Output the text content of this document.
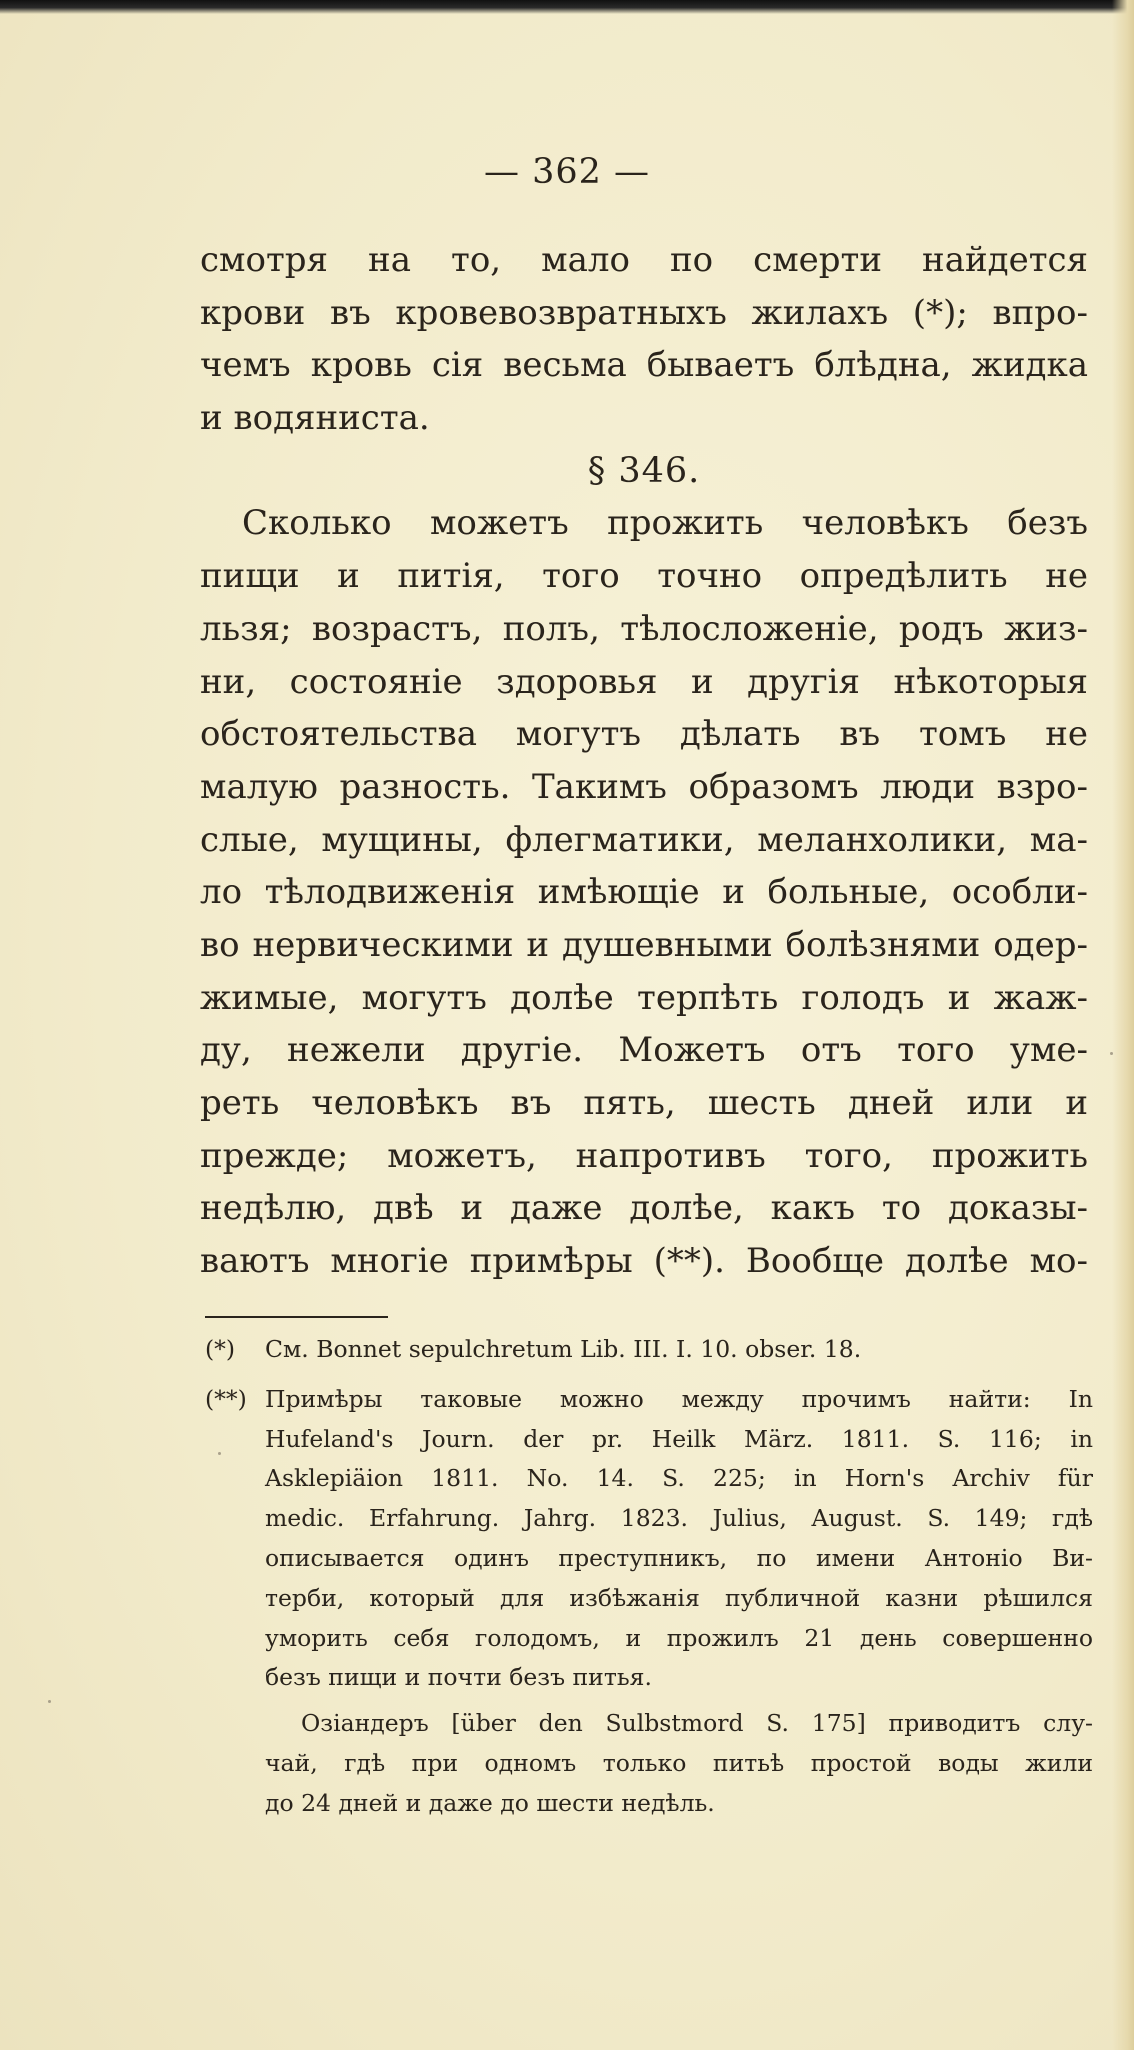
— 362 —
смотря на то, мало по смерти найдется
крови въ кровевозвратныхъ жилахъ (*); впро-
чемъ кровь сія весьма бываетъ блѣдна, жидка
и водянистa.
§ 346.
Сколько можетъ прожить человѣкъ безъ
пищи и питія, того точно опредѣлить не
льзя; возрастъ, полъ, тѣлосложеніе, родъ жиз-
ни, состояніе здоровья и другія нѣкоторыя
обстоятельства могутъ дѣлать въ томъ не
малую разность. Такимъ образомъ люди взро-
слые, мущины, флегматики, меланхолики, ма-
ло тѣлодвиженія имѣющіе и больные, особли-
во нервическими и душевными болѣзнями одер-
жимые, могутъ долѣе терпѣть голодъ и жаж-
ду, нежели другіе. Можетъ отъ того уме-
реть человѣкъ въ пять, шесть дней или и
прежде; можетъ, напротивъ того, прожить
недѣлю, двѣ и даже долѣе, какъ то доказы-
ваютъ многіе примѣры (**). Вообще долѣе мо-
(*)	См. Bonnet sepulchretum Lib. III. I. 10. obser. 18.
(**) Примѣры таковые можно между прочимъ найти: In
Hufeland's Journ. der pr. Heilk März. 1811. S. 116; in
Asklepiäion 1811. No. 14. S. 225; in Horn's Archiv für
medic. Erfahrung. Jahrg. 1823. Julius, August. S. 149; гдѣ
описывается одинъ преступникъ, по имени Антоніо Ви-
терби, который для избѣжанія публичной казни рѣшился
уморить себя голодомъ, и прожилъ 21 день совершенно
безъ пищи и почти безъ питья.
Озіандеръ [über den Sulbstmord S. 175] приводитъ слу-
чай, гдѣ при одномъ только питьѣ простой воды жили
до 24 дней и даже до шести недѣль.
